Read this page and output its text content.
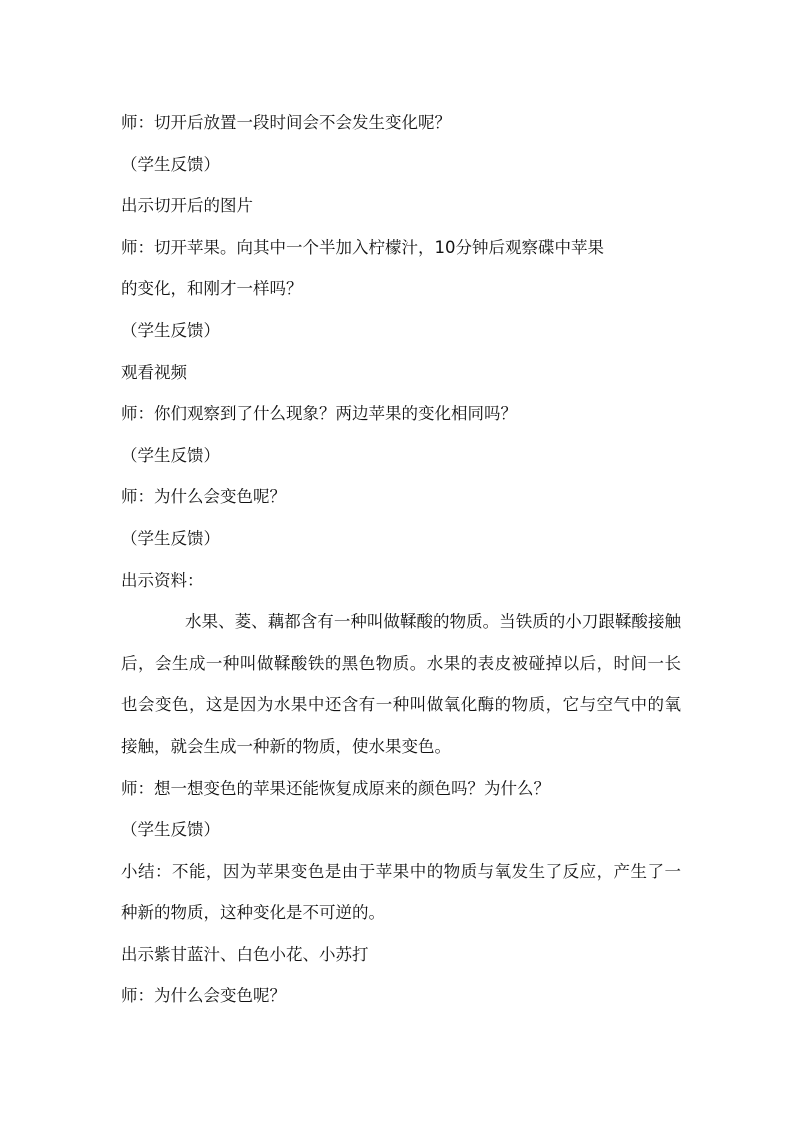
师：切开后放置一段时间会不会发生变化呢？

（学生反馈）

出示切开后的图片

师：切开苹果。向其中一个半加入柠檬汁，10分钟后观察碟中苹果

的变化，和刚才一样吗？

（学生反馈）

观看视频

师：你们观察到了什么现象？两边苹果的变化相同吗？

（学生反馈）

师：为什么会变色呢？

（学生反馈）

出示资料：

水果、菱、藕都含有一种叫做鞣酸的物质。当铁质的小刀跟鞣酸接触后，会生成一种叫做鞣酸铁的黑色物质。水果的表皮被碰掉以后，时间一长也会变色，这是因为水果中还含有一种叫做氧化酶的物质，它与空气中的氧接触，就会生成一种新的物质，使水果变色。

师：想一想变色的苹果还能恢复成原来的颜色吗？为什么？

（学生反馈）

小结：不能，因为苹果变色是由于苹果中的物质与氧发生了反应，产生了一种新的物质，这种变化是不可逆的。

出示紫甘蓝汁、白色小花、小苏打

师：为什么会变色呢？
